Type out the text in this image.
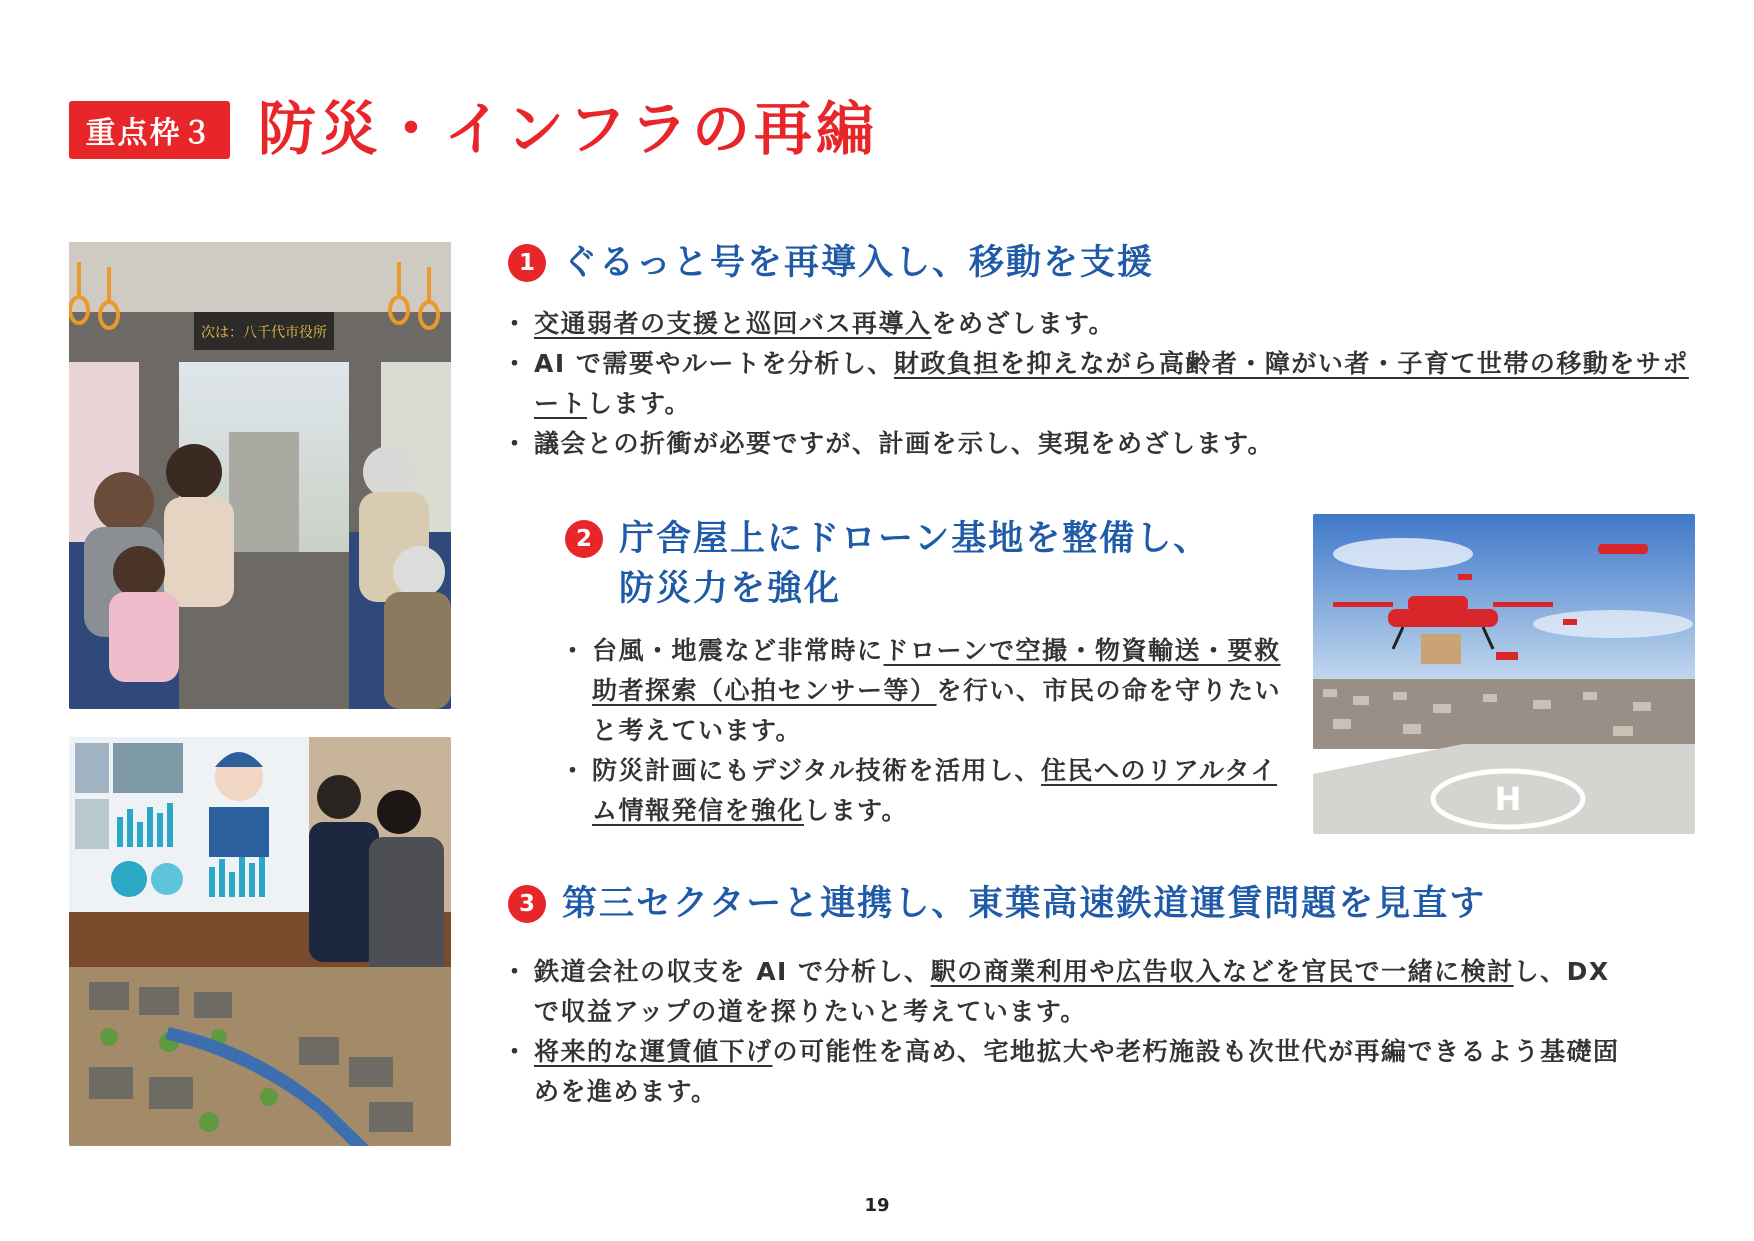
重点枠３ 防災・インフラの再編
次は：八千代市役所
H
1 ぐるっと号を再導入し、移動を支援
・ 交通弱者の支援と巡回バス再導入をめざします。
・ AI で需要やルートを分析し、財政負担を抑えながら高齢者・障がい者・子育て世帯の移動をサポートします。
・ 議会との折衝が必要ですが、計画を示し、実現をめざします。
2 庁舎屋上にドローン基地を整備し、
防災力を強化
・ 台風・地震など非常時にドローンで空撮・物資輸送・要救助者探索（心拍センサー等）を行い、市民の命を守りたいと考えています。
・ 防災計画にもデジタル技術を活用し、住民へのリアルタイム情報発信を強化します。
3 第三セクターと連携し、東葉高速鉄道運賃問題を見直す
・ 鉄道会社の収支を AI で分析し、駅の商業利用や広告収入などを官民で一緒に検討し、DX で収益アップの道を探りたいと考えています。
・ 将来的な運賃値下げの可能性を高め、宅地拡大や老朽施設も次世代が再編できるよう基礎固めを進めます。
19
